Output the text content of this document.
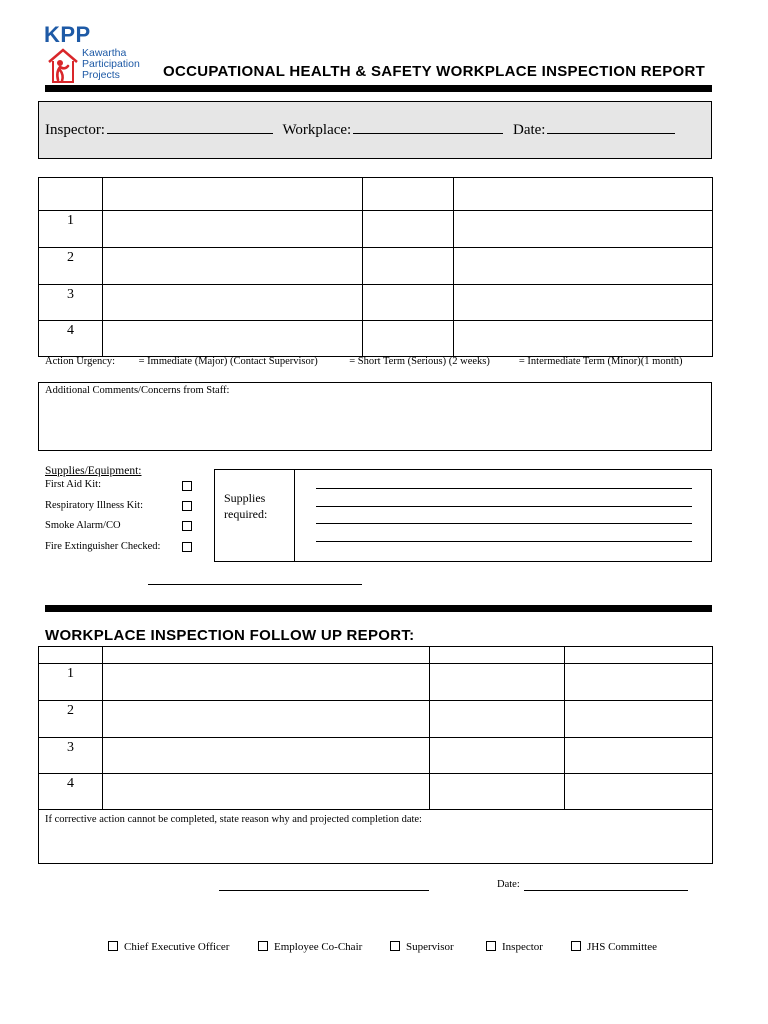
KPP
Kawartha
Participation
Projects	OCCUPATIONAL HEALTH & SAFETY WORKPLACE INSPECTION REPORT
Inspector:	Workplace:	Date:

1			
2			
3			
4			
Action Urgency: = Immediate (Major) (Contact Supervisor)	= Short Term (Serious) (2 weeks)	= Intermediate Term (Minor)(1 month)
Additional Comments/Concerns from Staff:
Supplies/Equipment:
First Aid Kit:
Respiratory Illness Kit:
Smoke Alarm/CO
Fire Extinguisher Checked:
Supplies
required:
WORKPLACE INSPECTION FOLLOW UP REPORT:

1			
2			
3			
4			
If corrective action cannot be completed, state reason why and projected completion date:			
Date:
Chief Executive Officer	Employee Co-Chair	Supervisor	Inspector	JHS Committee
